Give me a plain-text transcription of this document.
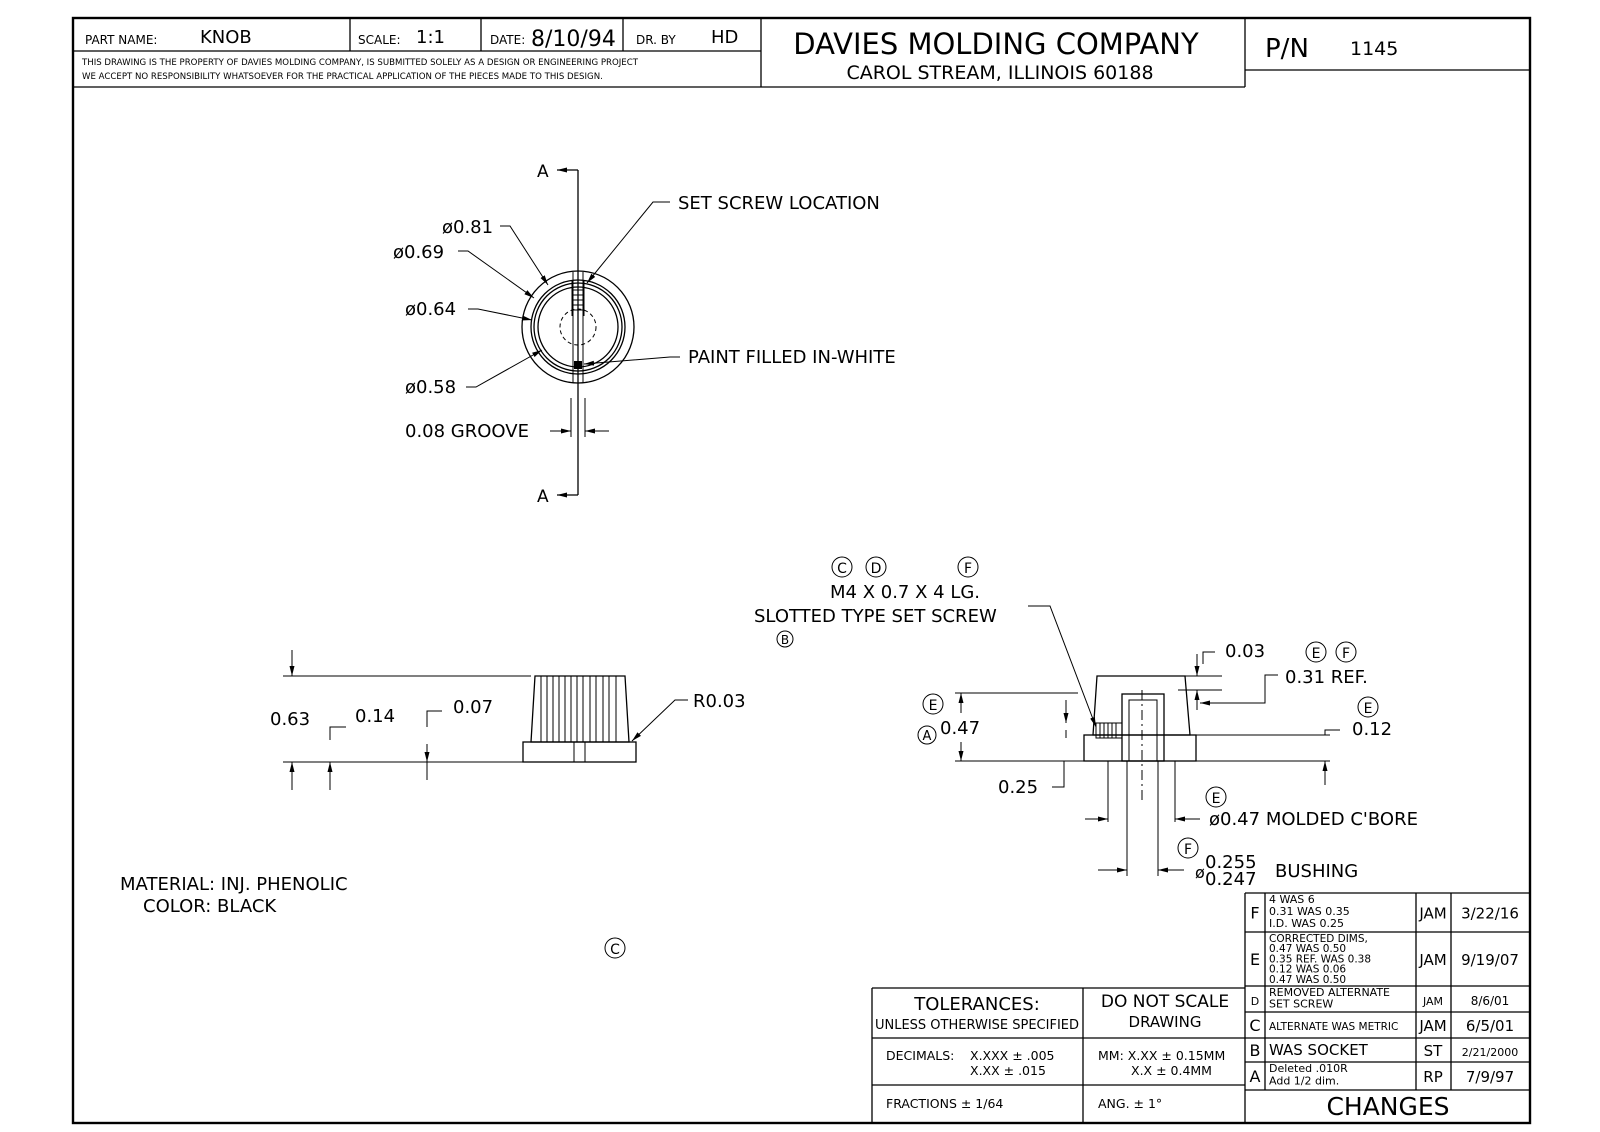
PART NAME: KNOB	SCALE: 1:1	DATE: 8/10/94 DR. BY HD
THIS DRAWING IS THE PROPERTY OF DAVIES MOLDING COMPANY, IS SUBMITTED SOLELY AS A DESIGN OR ENGINEERING PROJECT
WE ACCEPT NO RESPONSIBILITY WHATSOEVER FOR THE PRACTICAL APPLICATION OF THE PIECES MADE TO THIS DESIGN.
DAVIES MOLDING COMPANY
CAROL STREAM, ILLINOIS 60188
P/N 1145
A
A
ø0.81
ø0.69
ø0.64
ø0.58
SET SCREW LOCATION
PAINT FILLED IN-WHITE
0.08 GROOVE
0.63 0.14	0.07	R0.03
C D	F
B
M4 X 0.7 X 4 LG.
SLOTTED TYPE SET SCREW
0.03	E F
0.31 REF.
E
0.12
E
A 0.47
0.25
E
ø0.47 MOLDED C'BORE
F
ø 0.255
0.247 BUSHING
MATERIAL: INJ. PHENOLIC
COLOR: BLACK
C
TOLERANCES:
UNLESS OTHERWISE SPECIFIED
DO NOT SCALE
DRAWING
DECIMALS: X.XXX ± .005
X.XX ± .015
MM: X.XX ± 0.15MM
X.X ± 0.4MM
FRACTIONS ± 1/64	ANG. ± 1°	CHANGES
F
4 WAS 6
0.31 WAS 0.35
I.D. WAS 0.25
JAM 3/22/16
E
CORRECTED DIMS,
0.47 WAS 0.50
0.35 REF. WAS 0.38
0.12 WAS 0.06
0.47 WAS 0.50
JAM 9/19/07
D
REMOVED ALTERNATE
SET SCREW	JAM 8/6/01
C ALTERNATE WAS METRIC JAM 6/5/01
B WAS SOCKET	ST 2/21/2000
A Deleted .010R
Add 1/2 dim.	RP 7/9/97
